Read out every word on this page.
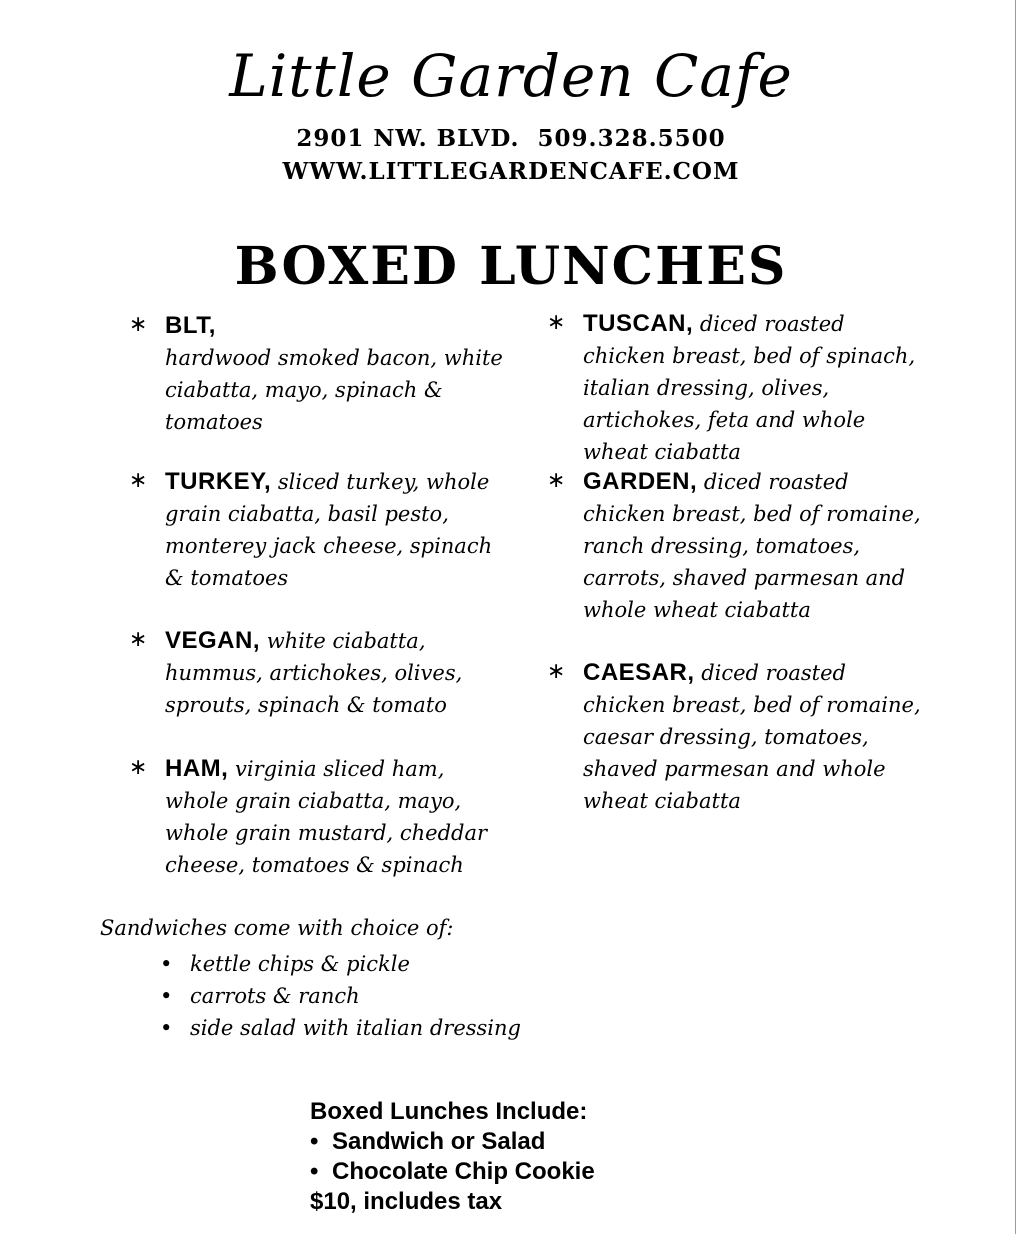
Little Garden Cafe
2901 NW. BLVD. 509.328.5500
WWW.LITTLEGARDENCAFE.COM
BOXED LUNCHES
∗ BLT,
hardwood smoked bacon, white ciabatta, mayo, spinach & tomatoes
∗ TURKEY, sliced turkey, whole grain ciabatta, basil pesto, monterey jack cheese, spinach & tomatoes
∗ VEGAN, white ciabatta, hummus, artichokes, olives, sprouts, spinach & tomato
∗ HAM, virginia sliced ham, whole grain ciabatta, mayo, whole grain mustard, cheddar cheese, tomatoes & spinach
∗ TUSCAN, diced roasted chicken breast, bed of spinach, italian dressing, olives, artichokes, feta and whole wheat ciabatta
∗ GARDEN, diced roasted chicken breast, bed of romaine, ranch dressing, tomatoes, carrots, shaved parmesan and whole wheat ciabatta
∗ CAESAR, diced roasted chicken breast, bed of romaine, caesar dressing, tomatoes, shaved parmesan and whole wheat ciabatta
Sandwiches come with choice of:
• kettle chips & pickle
• carrots & ranch
• side salad with italian dressing
Boxed Lunches Include:
• Sandwich or Salad
• Chocolate Chip Cookie
$10, includes tax
